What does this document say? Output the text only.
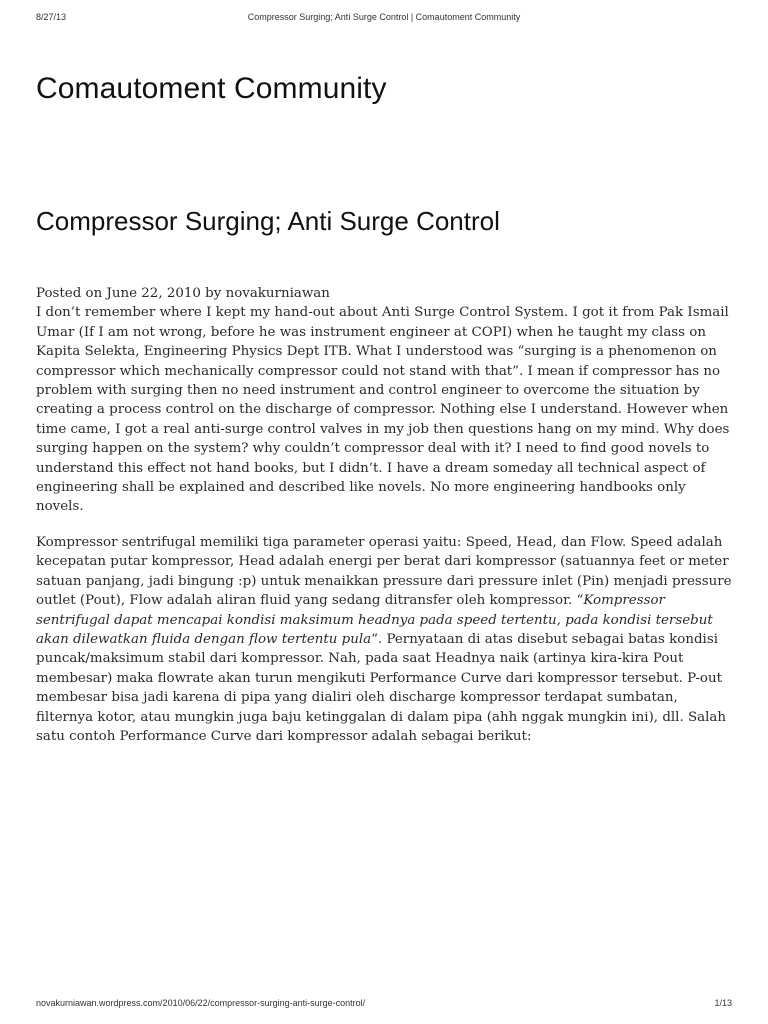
8/27/13	Compressor Surging; Anti Surge Control | Comautoment Community
Comautoment Community
Compressor Surging; Anti Surge Control
Posted on June 22, 2010 by novakurniawan

I don’t remember where I kept my hand-out about Anti Surge Control System. I got it from Pak Ismail Umar (If I am not wrong, before he was instrument engineer at COPI) when he taught my class on Kapita Selekta, Engineering Physics Dept ITB. What I understood was “surging is a phenomenon on compressor which mechanically compressor could not stand with that”. I mean if compressor has no problem with surging then no need instrument and control engineer to overcome the situation by creating a process control on the discharge of compressor. Nothing else I understand. However when time came, I got a real anti-surge control valves in my job then questions hang on my mind. Why does surging happen on the system? why couldn’t compressor deal with it? I need to find good novels to understand this effect not hand books, but I didn’t. I have a dream someday all technical aspect of engineering shall be explained and described like novels. No more engineering handbooks only novels.

Kompressor sentrifugal memiliki tiga parameter operasi yaitu: Speed, Head, dan Flow. Speed adalah kecepatan putar kompressor, Head adalah energi per berat dari kompressor (satuannya feet or meter satuan panjang, jadi bingung :p) untuk menaikkan pressure dari pressure inlet (Pin) menjadi pressure outlet (Pout), Flow adalah aliran fluid yang sedang ditransfer oleh kompressor. “Kompressor sentrifugal dapat mencapai kondisi maksimum headnya pada speed tertentu, pada kondisi tersebut akan dilewatkan fluida dengan flow tertentu pula“. Pernyataan di atas disebut sebagai batas kondisi puncak/maksimum stabil dari kompressor. Nah, pada saat Headnya naik (artinya kira-kira Pout membesar) maka flowrate akan turun mengikuti Performance Curve dari kompressor tersebut. P-out membesar bisa jadi karena di pipa yang dialiri oleh discharge kompressor terdapat sumbatan, filternya kotor, atau mungkin juga baju ketinggalan di dalam pipa (ahh nggak mungkin ini), dll. Salah satu contoh Performance Curve dari kompressor adalah sebagai berikut:

novakurniawan.wordpress.com/2010/06/22/compressor-surging-anti-surge-control/	1/13
